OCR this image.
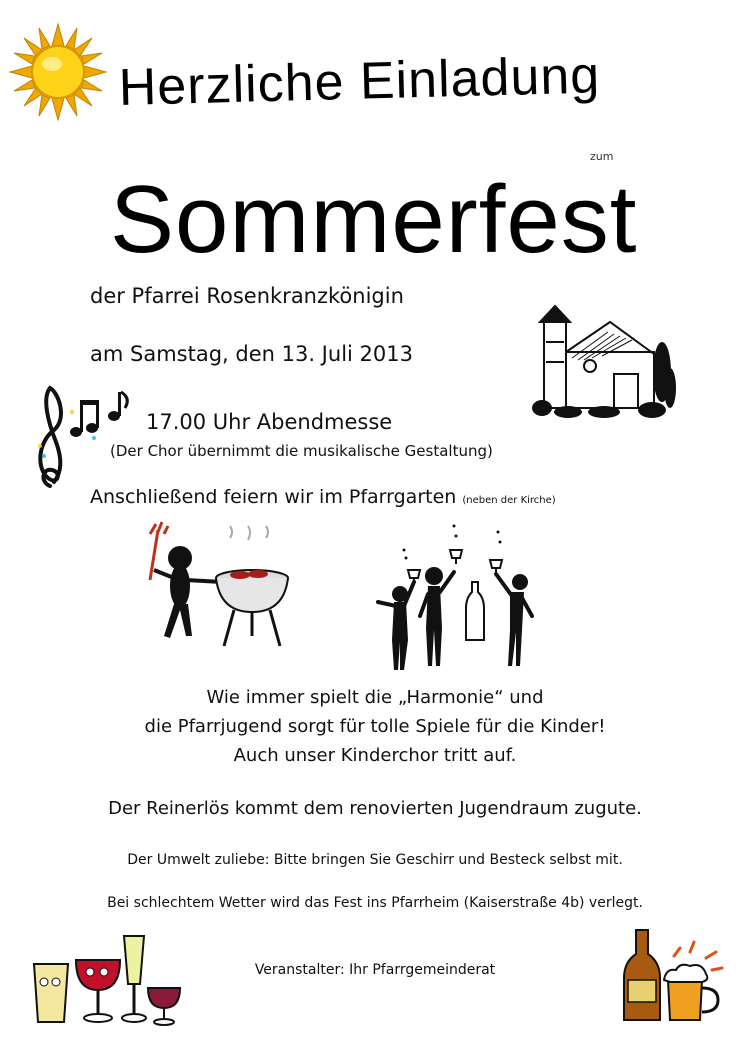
Herzliche Einladung
zum
Sommerfest
der Pfarrei Rosenkranzkönigin
am Samstag, den 13. Juli 2013
17.00 Uhr Abendmesse
(Der Chor übernimmt die musikalische Gestaltung)
Anschließend feiern wir im Pfarrgarten (neben der Kirche)
Wie immer spielt die „Harmonie“ und
die Pfarrjugend sorgt für tolle Spiele für die Kinder!
Auch unser Kinderchor tritt auf.
Der Reinerlös kommt dem renovierten Jugendraum zugute.
Der Umwelt zuliebe: Bitte bringen Sie Geschirr und Besteck selbst mit.
Bei schlechtem Wetter wird das Fest ins Pfarrheim (Kaiserstraße 4b) verlegt.
Veranstalter: Ihr Pfarrgemeinderat
